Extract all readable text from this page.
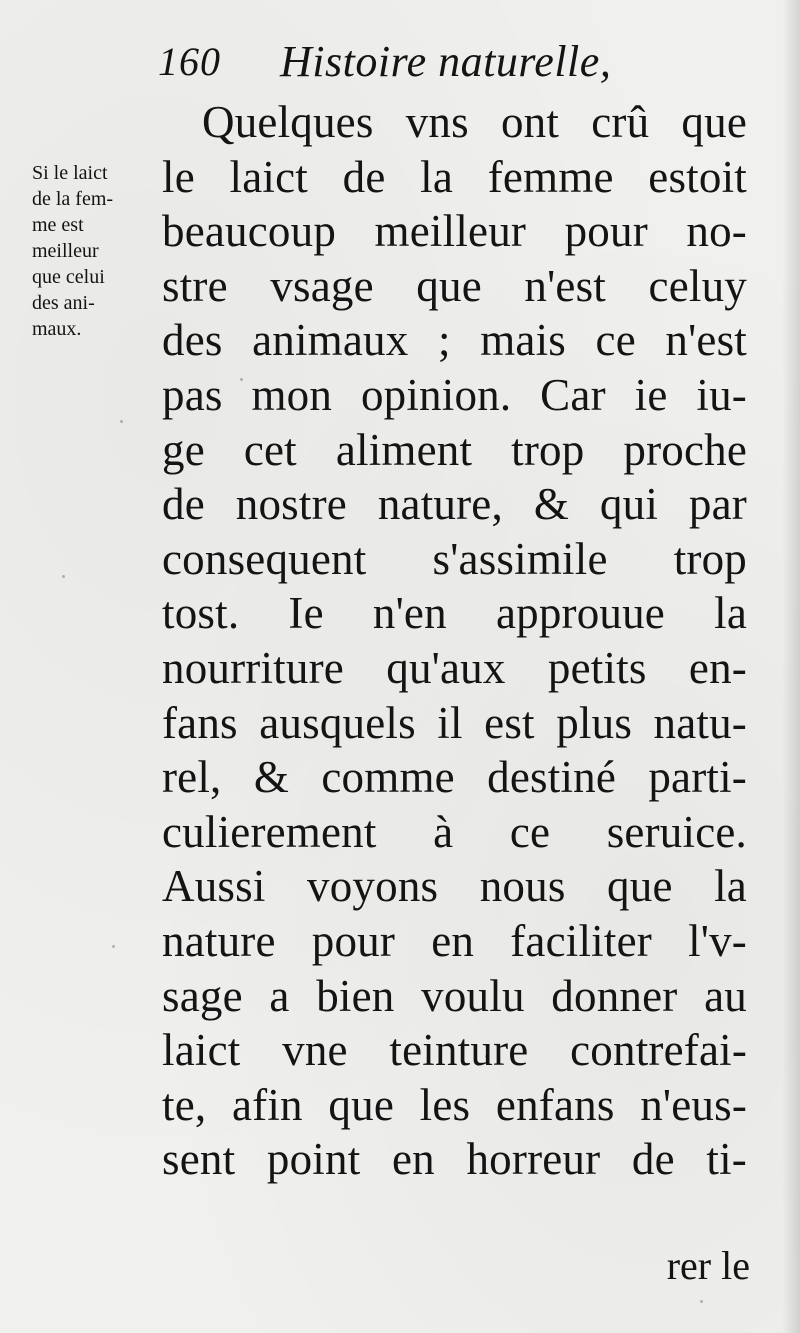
160 Histoire naturelle,
Si le laict
de la fem-
me est
meilleur
que celui
des ani-
maux.
Quelques vns ont crû que
le laict de la femme estoit
beaucoup meilleur pour no-
stre vsage que n'est celuy
des animaux ; mais ce n'est
pas mon opinion. Car ie iu-
ge cet aliment trop proche
de nostre nature, & qui par
consequent s'assimile trop
tost. Ie n'en approuue la
nourriture qu'aux petits en-
fans ausquels il est plus natu-
rel, & comme destiné parti-
culierement à ce seruice.
Aussi voyons nous que la
nature pour en faciliter l'v-
sage a bien voulu donner au
laict vne teinture contrefai-
te, afin que les enfans n'eus-
sent point en horreur de ti-
rer le
